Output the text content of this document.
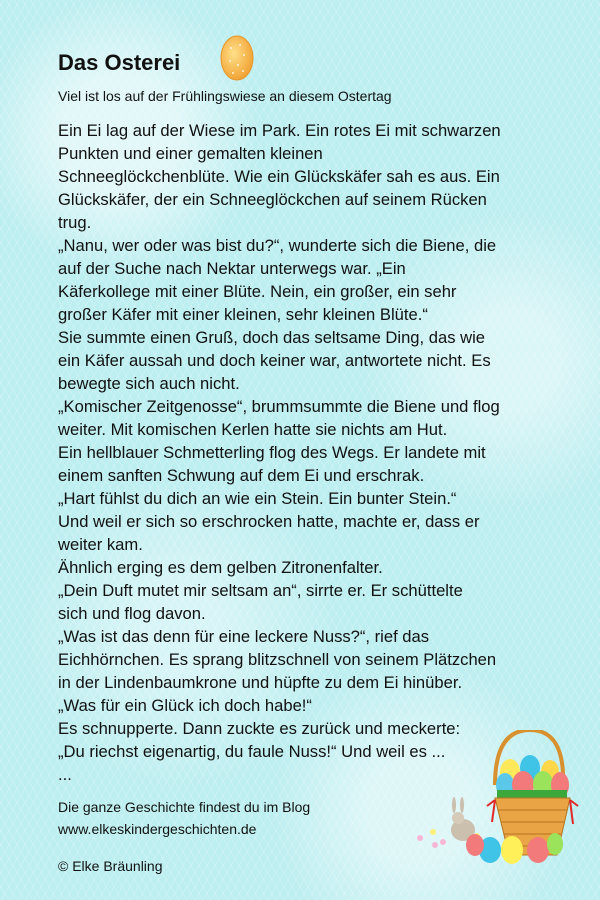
Das Osterei
Viel ist los auf der Frühlingswiese an diesem Ostertag
Ein Ei lag auf der Wiese im Park. Ein rotes Ei mit schwarzen
Punkten und einer gemalten kleinen
Schneeglöckchenblüte. Wie ein Glückskäfer sah es aus. Ein
Glückskäfer, der ein Schneeglöckchen auf seinem Rücken
trug.
„Nanu, wer oder was bist du?“, wunderte sich die Biene, die
auf der Suche nach Nektar unterwegs war. „Ein
Käferkollege mit einer Blüte. Nein, ein großer, ein sehr
großer Käfer mit einer kleinen, sehr kleinen Blüte.“
Sie summte einen Gruß, doch das seltsame Ding, das wie
ein Käfer aussah und doch keiner war, antwortete nicht. Es
bewegte sich auch nicht.
„Komischer Zeitgenosse“, brummsummte die Biene und flog
weiter. Mit komischen Kerlen hatte sie nichts am Hut.
Ein hellblauer Schmetterling flog des Wegs. Er landete mit
einem sanften Schwung auf dem Ei und erschrak.
„Hart fühlst du dich an wie ein Stein. Ein bunter Stein.“
Und weil er sich so erschrocken hatte, machte er, dass er
weiter kam.
Ähnlich erging es dem gelben Zitronenfalter.
„Dein Duft mutet mir seltsam an“, sirrte er. Er schüttelte
sich und flog davon.
„Was ist das denn für eine leckere Nuss?“, rief das
Eichhörnchen. Es sprang blitzschnell von seinem Plätzchen
in der Lindenbaumkrone und hüpfte zu dem Ei hinüber.
„Was für ein Glück ich doch habe!“
Es schnupperte. Dann zuckte es zurück und meckerte:
„Du riechst eigenartig, du faule Nuss!“ Und weil es ...
...
Die ganze Geschichte findest du im Blog
www.elkeskindergeschichten.de
© Elke Bräunling
